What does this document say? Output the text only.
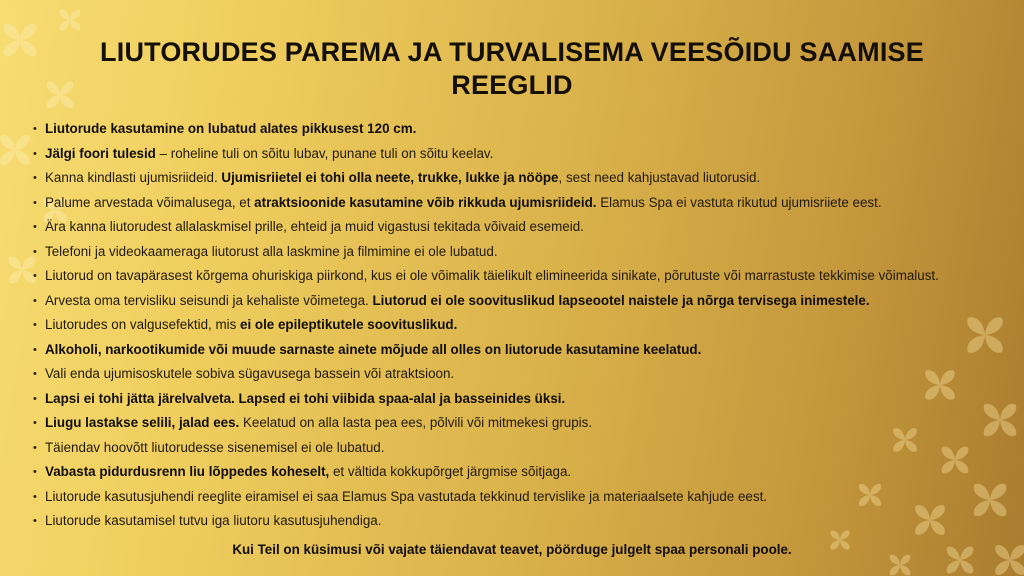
LIUTORUDES PAREMA JA TURVALISEMA VEESÕIDU SAAMISE REEGLID
• Liutorude kasutamine on lubatud alates pikkusest 120 cm.
• Jälgi foori tulesid – roheline tuli on sõitu lubav, punane tuli on sõitu keelav.
• Kanna kindlasti ujumisriideid. Ujumisriietel ei tohi olla neete, trukke, lukke ja nööpe, sest need kahjustavad liutorusid.
• Palume arvestada võimalusega, et atraktsioonide kasutamine võib rikkuda ujumisriideid. Elamus Spa ei vastuta rikutud ujumisriiete eest.
• Ära kanna liutorudest allalaskmisel prille, ehteid ja muid vigastusi tekitada võivaid esemeid.
• Telefoni ja videokaameraga liutorust alla laskmine ja filmimine ei ole lubatud.
• Liutorud on tavapärasest kõrgema ohuriskiga piirkond, kus ei ole võimalik täielikult elimineerida sinikate, põrutuste või marrastuste tekkimise võimalust.
• Arvesta oma tervisliku seisundi ja kehaliste võimetega. Liutorud ei ole soovituslikud lapseootel naistele ja nõrga tervisega inimestele.
• Liutorudes on valgusefektid, mis ei ole epileptikutele soovituslikud.
• Alkoholi, narkootikumide või muude sarnaste ainete mõjude all olles on liutorude kasutamine keelatud.
• Vali enda ujumisoskutele sobiva sügavusega bassein või atraktsioon.
• Lapsi ei tohi jätta järelvalveta. Lapsed ei tohi viibida spaa-alal ja basseinides üksi.
• Liugu lastakse selili, jalad ees. Keelatud on alla lasta pea ees, põlvili või mitmekesi grupis.
• Täiendav hoovõtt liutorudesse sisenemisel ei ole lubatud.
• Vabasta pidurdusrenn liu lõppedes koheselt, et vältida kokkupõrget järgmise sõitjaga.
• Liutorude kasutusjuhendi reeglite eiramisel ei saa Elamus Spa vastutada tekkinud tervislike ja materiaalsete kahjude eest.
• Liutorude kasutamisel tutvu iga liutoru kasutusjuhendiga.
Kui Teil on küsimusi või vajate täiendavat teavet, pöörduge julgelt spaa personali poole.
